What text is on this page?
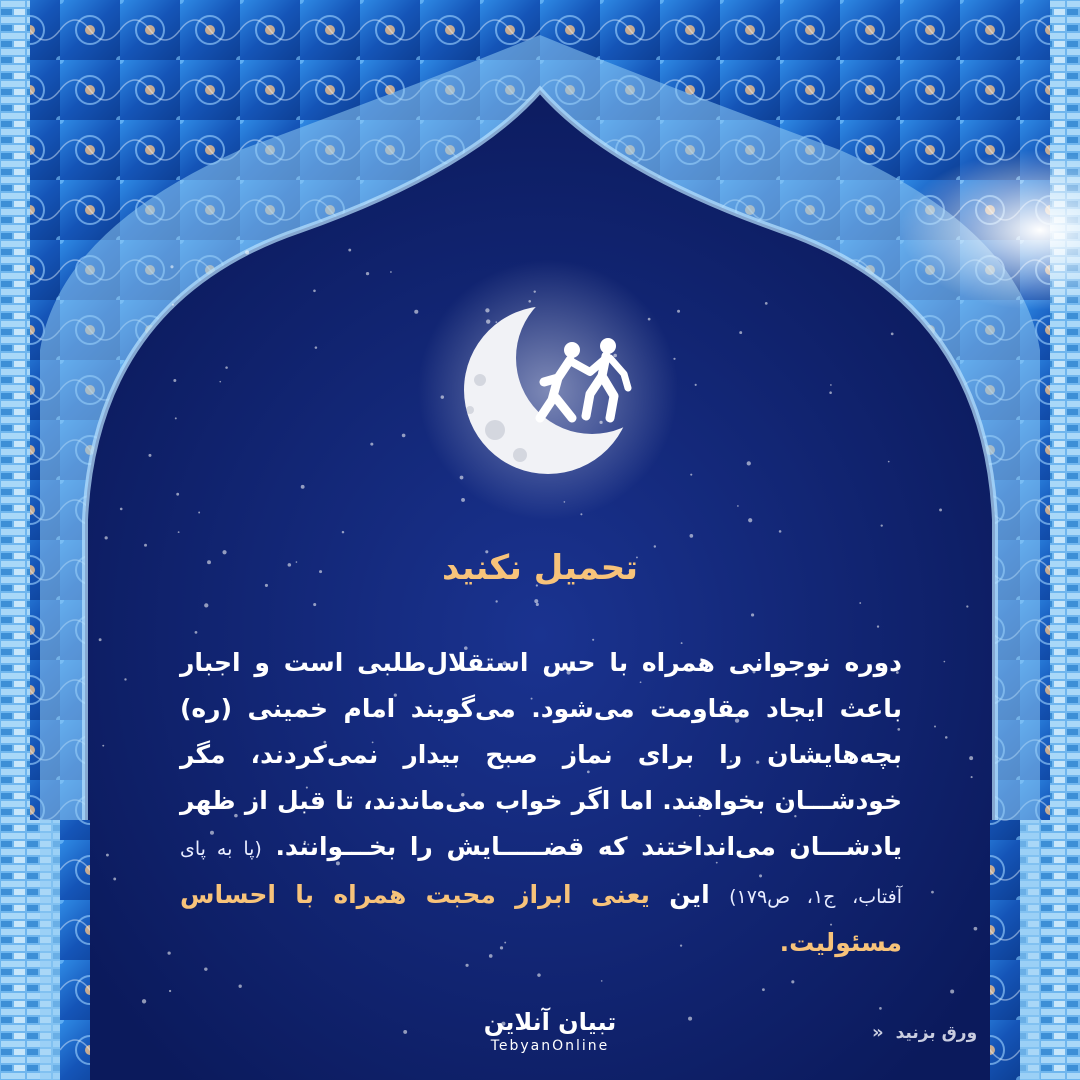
تحمیل نکنید
دوره نوجوانی همراه با حس استقلال‌طلبی است و اجبار باعث ایجاد مقاومت می‌شود. می‌گویند امام خمینی (ره) بچه‌هایشان را برای نماز صبح بیدار نمی‌کردند، مگر خودشـــان بخواهند. اما اگر خواب می‌ماندند، تا قبل از ظهر یادشـــان می‌انداختند که قضـــــایش را بخـــوانند. (پا به پای آفتاب، ج۱، ص۱۷۹) این یعنی ابراز محبت همراه با احساس مسئولیت.
تبیان آنلاین
TebyanOnline
ورق بزنید «
